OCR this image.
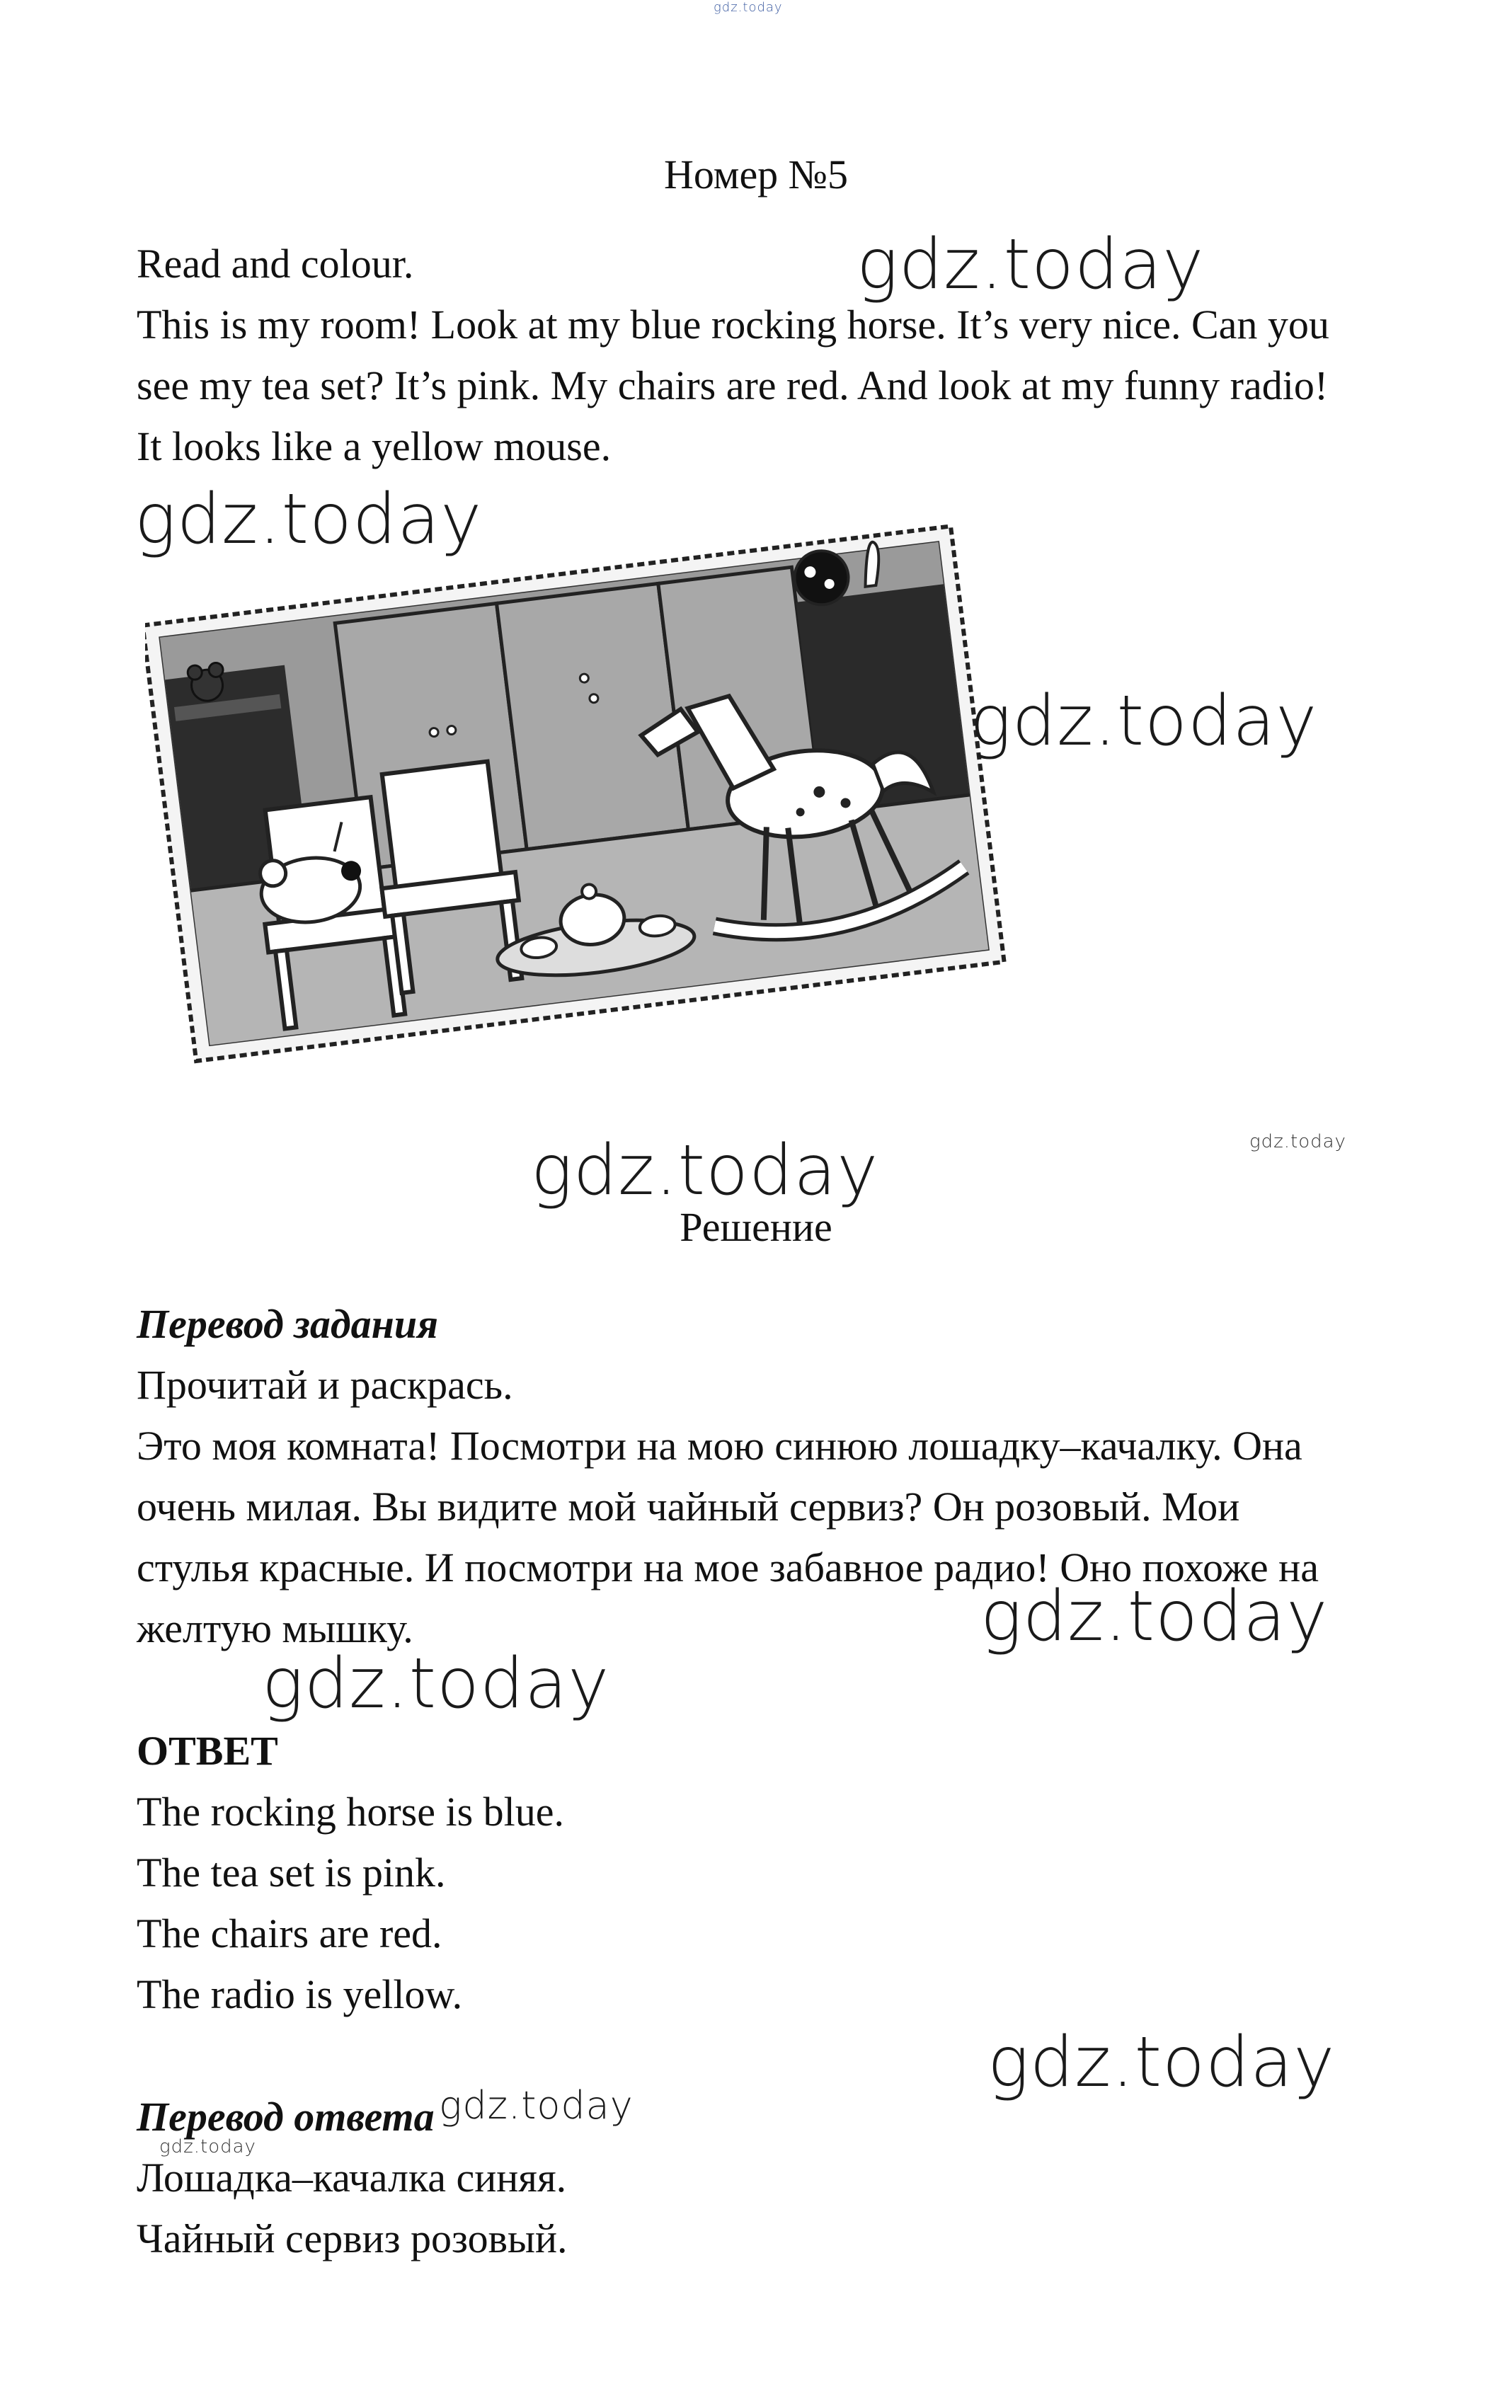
gdz.today
Номер №5
Read and colour.
This is my room! Look at my blue rocking horse. It’s very nice. Can you
see my tea set? It’s pink. My chairs are red. And look at my funny radio!
It looks like a yellow mouse.
gdz.today
gdz.today
gdz.today
gdz.today
gdz.today
Решение
Перевод задания
Прочитай и раскрась.
Это моя комната! Посмотри на мою синюю лошадку–качалку. Она
очень милая. Вы видите мой чайный сервиз? Он розовый. Мои
стулья красные. И посмотри на мое забавное радио! Оно похоже на
желтую мышку.	gdz.today
gdz.today
ОТВЕТ
The rocking horse is blue.
The tea set is pink.
The chairs are red.
The radio is yellow.
gdz.today
Перевод ответа gdz.today
gdz.today
Лошадка–качалка синяя.
Чайный сервиз розовый.
